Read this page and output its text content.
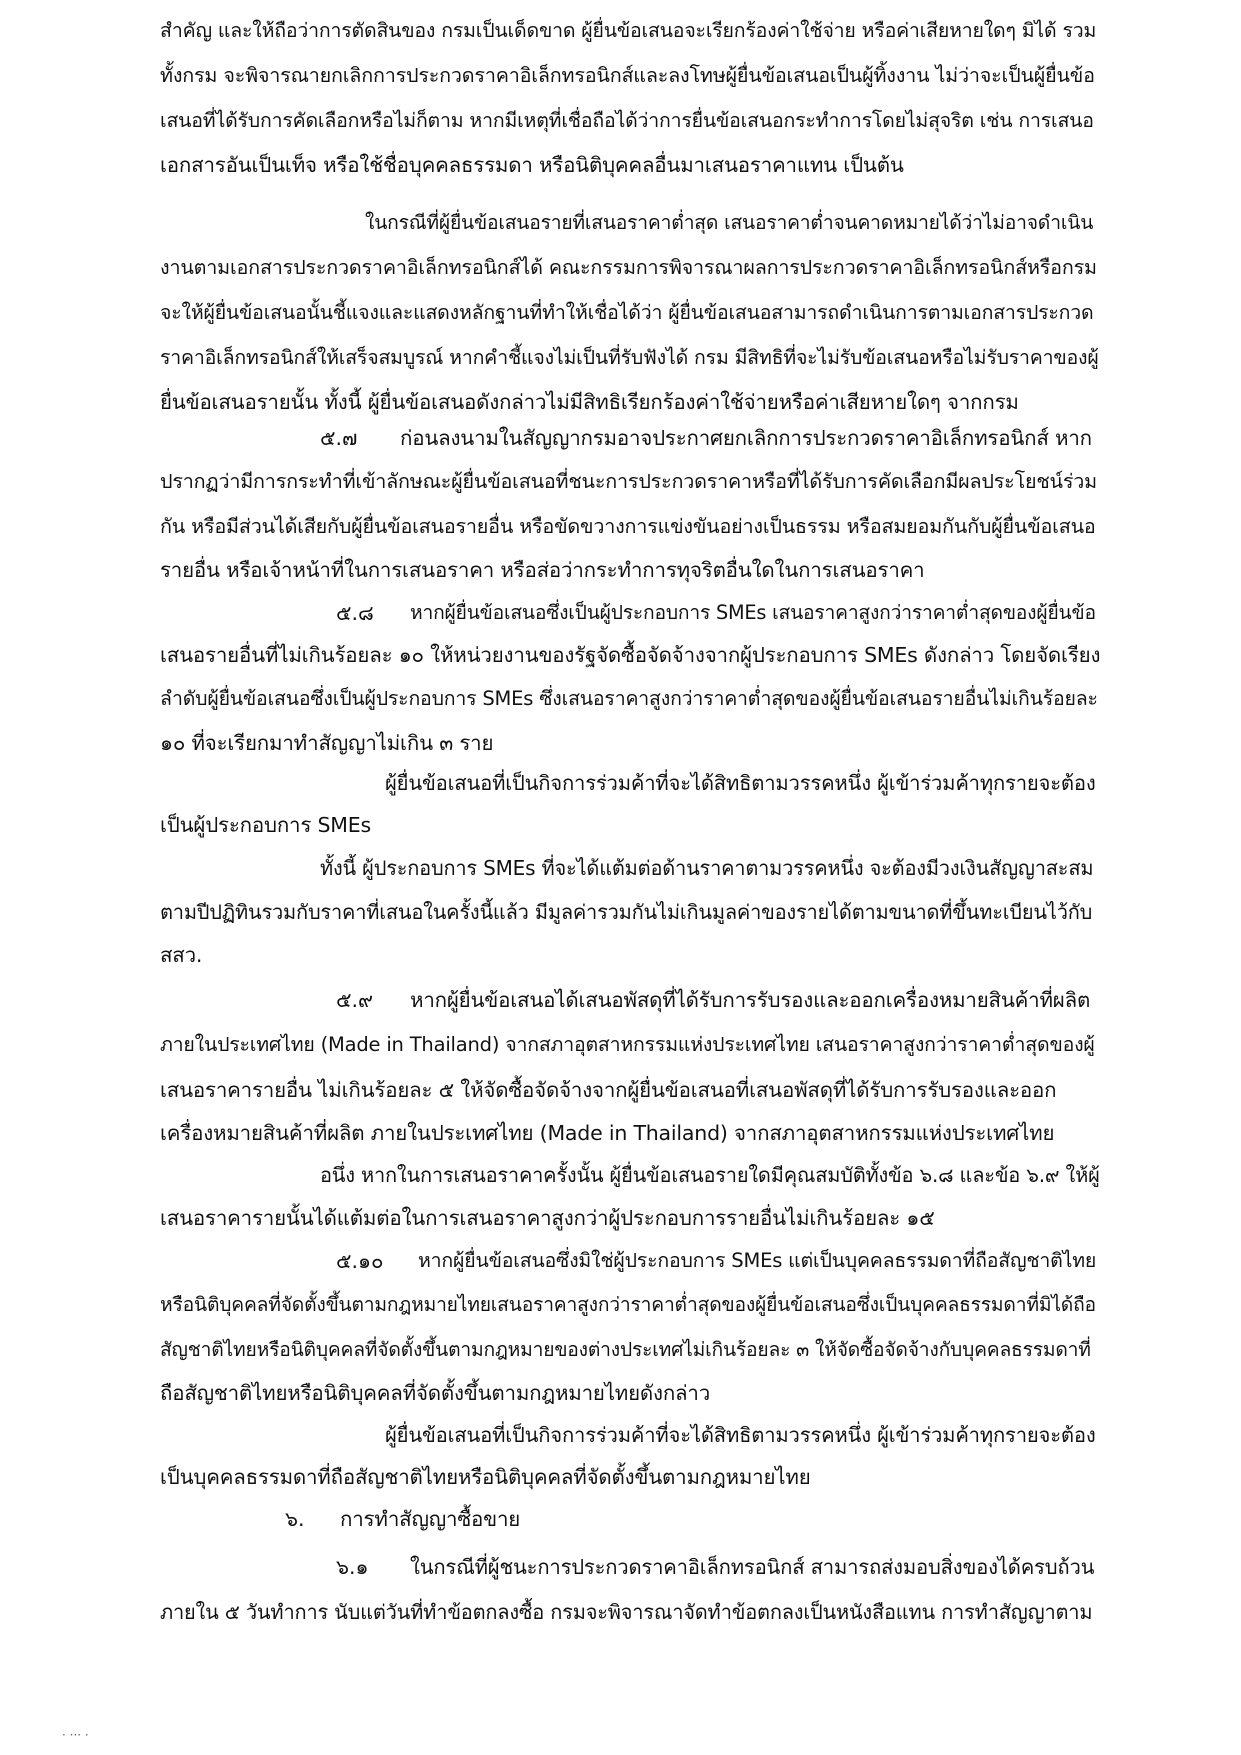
สำคัญ และให้ถือว่าการตัดสินของ กรมเป็นเด็ดขาด ผู้ยื่นข้อเสนอจะเรียกร้องค่าใช้จ่าย หรือค่าเสียหายใดๆ มิได้ รวม
ทั้งกรม จะพิจารณายกเลิกการประกวดราคาอิเล็กทรอนิกส์และลงโทษผู้ยื่นข้อเสนอเป็นผู้ทิ้งงาน ไม่ว่าจะเป็นผู้ยื่นข้อ
เสนอที่ได้รับการคัดเลือกหรือไม่ก็ตาม หากมีเหตุที่เชื่อถือได้ว่าการยื่นข้อเสนอกระทำการโดยไม่สุจริต เช่น การเสนอ
เอกสารอันเป็นเท็จ หรือใช้ชื่อบุคคลธรรมดา หรือนิติบุคคลอื่นมาเสนอราคาแทน เป็นต้น
ในกรณีที่ผู้ยื่นข้อเสนอรายที่เสนอราคาต่ำสุด เสนอราคาต่ำจนคาดหมายได้ว่าไม่อาจดำเนิน
งานตามเอกสารประกวดราคาอิเล็กทรอนิกส์ได้ คณะกรรมการพิจารณาผลการประกวดราคาอิเล็กทรอนิกส์หรือกรม
จะให้ผู้ยื่นข้อเสนอนั้นชี้แจงและแสดงหลักฐานที่ทำให้เชื่อได้ว่า ผู้ยื่นข้อเสนอสามารถดำเนินการตามเอกสารประกวด
ราคาอิเล็กทรอนิกส์ให้เสร็จสมบูรณ์ หากคำชี้แจงไม่เป็นที่รับฟังได้ กรม มีสิทธิที่จะไม่รับข้อเสนอหรือไม่รับราคาของผู้
ยื่นข้อเสนอรายนั้น ทั้งนี้ ผู้ยื่นข้อเสนอดังกล่าวไม่มีสิทธิเรียกร้องค่าใช้จ่ายหรือค่าเสียหายใดๆ จากกรม
๕.๗ ก่อนลงนามในสัญญากรมอาจประกาศยกเลิกการประกวดราคาอิเล็กทรอนิกส์ หาก
ปรากฏว่ามีการกระทำที่เข้าลักษณะผู้ยื่นข้อเสนอที่ชนะการประกวดราคาหรือที่ได้รับการคัดเลือกมีผลประโยชน์ร่วม
กัน หรือมีส่วนได้เสียกับผู้ยื่นข้อเสนอรายอื่น หรือขัดขวางการแข่งขันอย่างเป็นธรรม หรือสมยอมกันกับผู้ยื่นข้อเสนอ
รายอื่น หรือเจ้าหน้าที่ในการเสนอราคา หรือส่อว่ากระทำการทุจริตอื่นใดในการเสนอราคา
๕.๘ หากผู้ยื่นข้อเสนอซึ่งเป็นผู้ประกอบการ SMEs เสนอราคาสูงกว่าราคาต่ำสุดของผู้ยื่นข้อ
เสนอรายอื่นที่ไม่เกินร้อยละ ๑๐ ให้หน่วยงานของรัฐจัดซื้อจัดจ้างจากผู้ประกอบการ SMEs ดังกล่าว โดยจัดเรียง
ลำดับผู้ยื่นข้อเสนอซึ่งเป็นผู้ประกอบการ SMEs ซึ่งเสนอราคาสูงกว่าราคาต่ำสุดของผู้ยื่นข้อเสนอรายอื่นไม่เกินร้อยละ
๑๐ ที่จะเรียกมาทำสัญญาไม่เกิน ๓ ราย
ผู้ยื่นข้อเสนอที่เป็นกิจการร่วมค้าที่จะได้สิทธิตามวรรคหนึ่ง ผู้เข้าร่วมค้าทุกรายจะต้อง
เป็นผู้ประกอบการ SMEs
ทั้งนี้ ผู้ประกอบการ SMEs ที่จะได้แต้มต่อด้านราคาตามวรรคหนึ่ง จะต้องมีวงเงินสัญญาสะสม
ตามปีปฏิทินรวมกับราคาที่เสนอในครั้งนี้แล้ว มีมูลค่ารวมกันไม่เกินมูลค่าของรายได้ตามขนาดที่ขึ้นทะเบียนไว้กับ
สสว.
๕.๙ หากผู้ยื่นข้อเสนอได้เสนอพัสดุที่ได้รับการรับรองและออกเครื่องหมายสินค้าที่ผลิต
ภายในประเทศไทย (Made in Thailand) จากสภาอุตสาหกรรมแห่งประเทศไทย เสนอราคาสูงกว่าราคาต่ำสุดของผู้
เสนอราคารายอื่น ไม่เกินร้อยละ ๕ ให้จัดซื้อจัดจ้างจากผู้ยื่นข้อเสนอที่เสนอพัสดุที่ได้รับการรับรองและออก
เครื่องหมายสินค้าที่ผลิต ภายในประเทศไทย (Made in Thailand) จากสภาอุตสาหกรรมแห่งประเทศไทย
อนึ่ง หากในการเสนอราคาครั้งนั้น ผู้ยื่นข้อเสนอรายใดมีคุณสมบัติทั้งข้อ ๖.๘ และข้อ ๖.๙ ให้ผู้
เสนอราคารายนั้นได้แต้มต่อในการเสนอราคาสูงกว่าผู้ประกอบการรายอื่นไม่เกินร้อยละ ๑๕
๕.๑๐ หากผู้ยื่นข้อเสนอซึ่งมิใช่ผู้ประกอบการ SMEs แต่เป็นบุคคลธรรมดาที่ถือสัญชาติไทย
หรือนิติบุคคลที่จัดตั้งขึ้นตามกฎหมายไทยเสนอราคาสูงกว่าราคาต่ำสุดของผู้ยื่นข้อเสนอซึ่งเป็นบุคคลธรรมดาที่มิได้ถือ
สัญชาติไทยหรือนิติบุคคลที่จัดตั้งขึ้นตามกฎหมายของต่างประเทศไม่เกินร้อยละ ๓ ให้จัดซื้อจัดจ้างกับบุคคลธรรมดาที่
ถือสัญชาติไทยหรือนิติบุคคลที่จัดตั้งขึ้นตามกฎหมายไทยดังกล่าว
ผู้ยื่นข้อเสนอที่เป็นกิจการร่วมค้าที่จะได้สิทธิตามวรรคหนึ่ง ผู้เข้าร่วมค้าทุกรายจะต้อง
เป็นบุคคลธรรมดาที่ถือสัญชาติไทยหรือนิติบุคคลที่จัดตั้งขึ้นตามกฎหมายไทย
๖. การทำสัญญาซื้อขาย
๖.๑ ในกรณีที่ผู้ชนะการประกวดราคาอิเล็กทรอนิกส์ สามารถส่งมอบสิ่งของได้ครบถ้วน
ภายใน ๕ วันทำการ นับแต่วันที่ทำข้อตกลงซื้อ กรมจะพิจารณาจัดทำข้อตกลงเป็นหนังสือแทน การทำสัญญาตาม
· ··· ·
